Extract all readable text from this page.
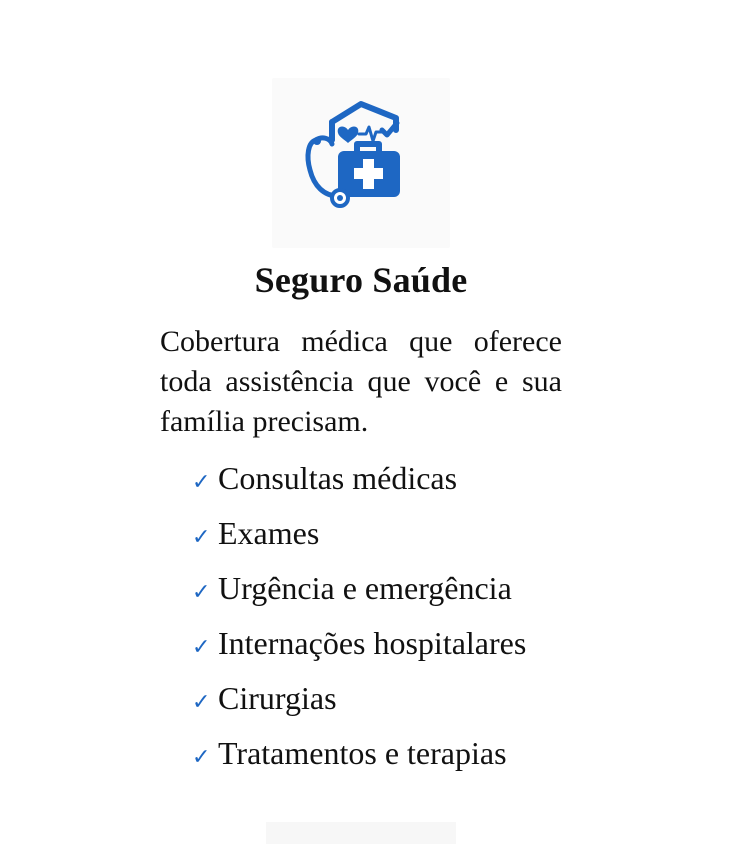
Seguro Saúde

Cobertura médica que oferece toda assistência que você e sua família precisam.

✓ Consultas médicas
✓ Exames
✓ Urgência e emergência
✓ Internações hospitalares
✓ Cirurgias
✓ Tratamentos e terapias
